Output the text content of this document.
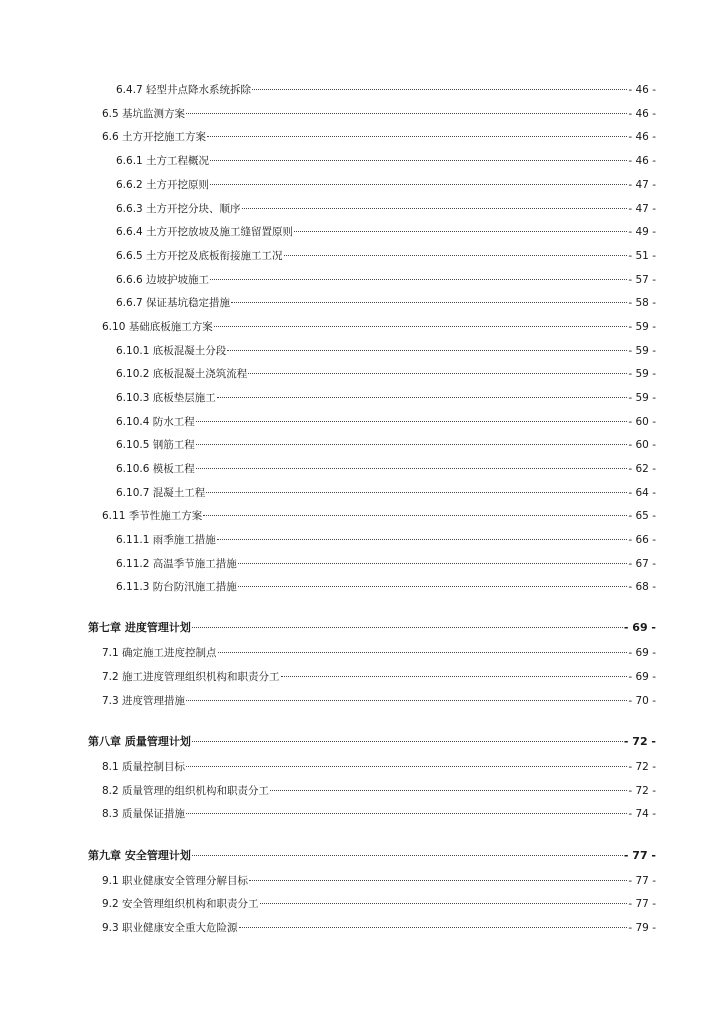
6.4.7 轻型井点降水系统拆除	- 46 -
6.5 基坑监测方案	- 46 -
6.6 土方开挖施工方案	- 46 -
6.6.1 土方工程概况	- 46 -
6.6.2 土方开挖原则	- 47 -
6.6.3 土方开挖分块、顺序	- 47 -
6.6.4 土方开挖放坡及施工缝留置原则	- 49 -
6.6.5 土方开挖及底板衔接施工工况	- 51 -
6.6.6 边坡护坡施工	- 57 -
6.6.7 保证基坑稳定措施	- 58 -
6.10 基础底板施工方案	- 59 -
6.10.1 底板混凝土分段	- 59 -
6.10.2 底板混凝土浇筑流程	- 59 -
6.10.3 底板垫层施工	- 59 -
6.10.4 防水工程	- 60 -
6.10.5 钢筋工程	- 60 -
6.10.6 模板工程	- 62 -
6.10.7 混凝土工程	- 64 -
6.11 季节性施工方案	- 65 -
6.11.1 雨季施工措施	- 66 -
6.11.2 高温季节施工措施	- 67 -
6.11.3 防台防汛施工措施	- 68 -
第七章 进度管理计划	- 69 -
7.1 确定施工进度控制点	- 69 -
7.2 施工进度管理组织机构和职责分工	- 69 -
7.3 进度管理措施	- 70 -
第八章 质量管理计划	- 72 -
8.1 质量控制目标	- 72 -
8.2 质量管理的组织机构和职责分工	- 72 -
8.3 质量保证措施	- 74 -
第九章 安全管理计划	- 77 -
9.1 职业健康安全管理分解目标	- 77 -
9.2 安全管理组织机构和职责分工	- 77 -
9.3 职业健康安全重大危险源	- 79 -
